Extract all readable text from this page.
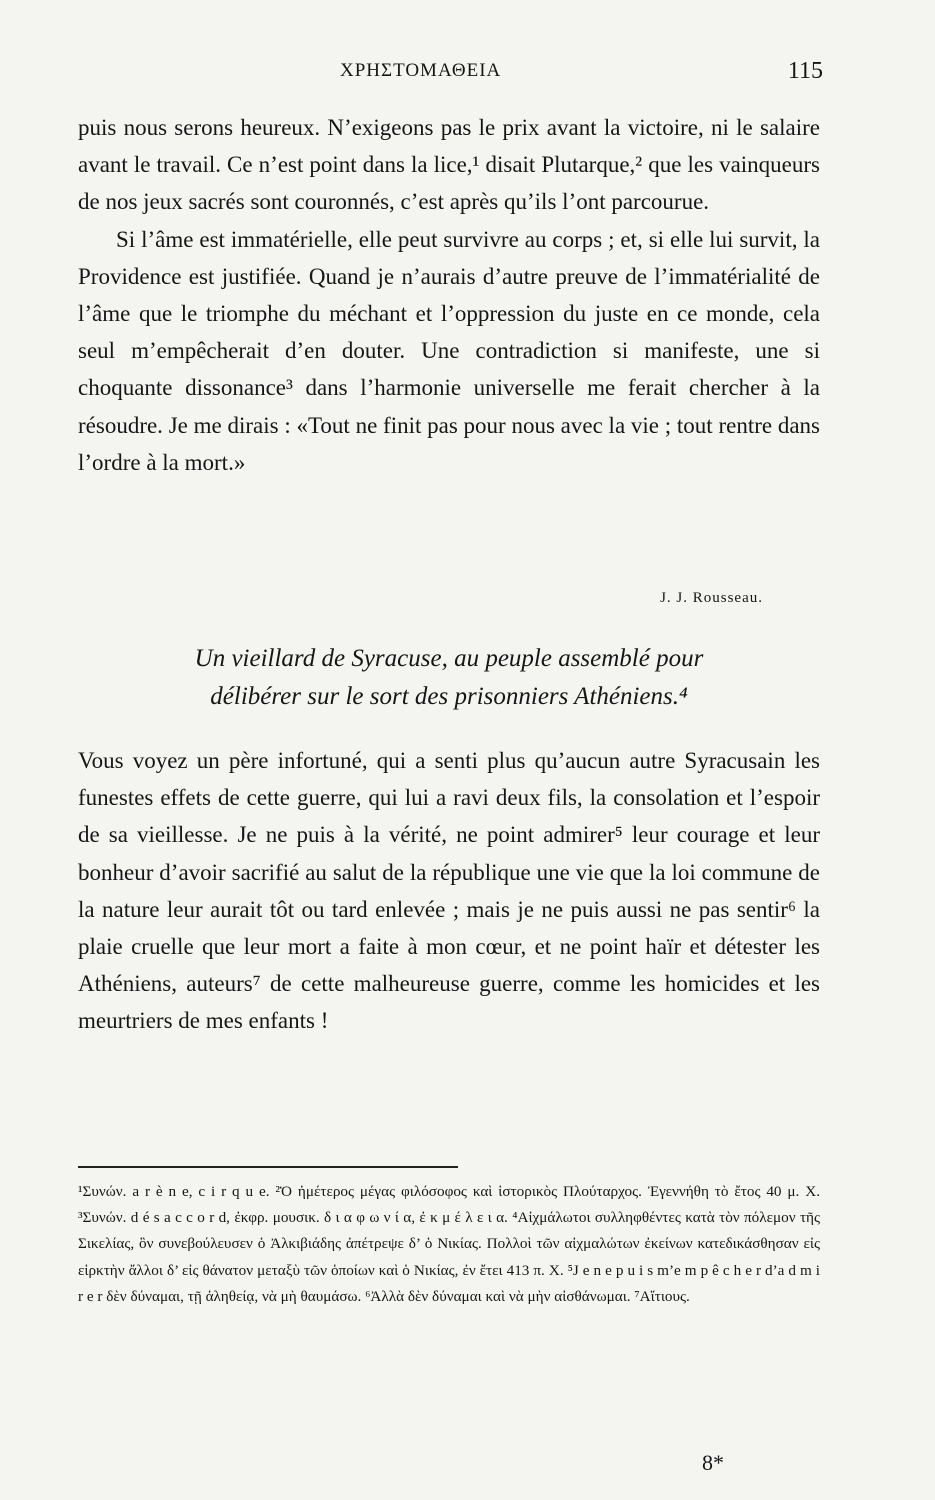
ΧΡΗΣΤΟΜΑΘΕΙΑ	115

puis nous serons heureux. N’exigeons pas le prix avant la victoire, ni le salaire avant le travail. Ce n’est point dans la lice,¹ disait Plutarque,² que les vainqueurs de nos jeux sacrés sont couronnés, c’est après qu’ils l’ont parcourue.

Si l’âme est immatérielle, elle peut survivre au corps ; et, si elle lui survit, la Providence est justifiée. Quand je n’aurais d’autre preuve de l’immatérialité de l’âme que le triomphe du méchant et l’oppression du juste en ce monde, cela seul m’empêcherait d’en douter. Une contradiction si manifeste, une si choquante dissonance³ dans l’harmonie universelle me ferait chercher à la résoudre. Je me dirais : «Tout ne finit pas pour nous avec la vie ; tout rentre dans l’ordre à la mort.»

J. J. Rousseau.
Un vieillard de Syracuse, au peuple assemblé pour
délibérer sur le sort des prisonniers Athéniens.⁴

Vous voyez un père infortuné, qui a senti plus qu’aucun autre Syracusain les funestes effets de cette guerre, qui lui a ravi deux fils, la consolation et l’espoir de sa vieillesse. Je ne puis à la vérité, ne point admirer⁵ leur courage et leur bonheur d’avoir sacrifié au salut de la république une vie que la loi commune de la nature leur aurait tôt ou tard enlevée ; mais je ne puis aussi ne pas sentir⁶ la plaie cruelle que leur mort a faite à mon cœur, et ne point haïr et détester les Athéniens, auteurs⁷ de cette malheureuse guerre, comme les homicides et les meurtriers de mes enfants !

¹Συνών. a r è n e, c i r q u e. ²Ὁ ἡμέτερος μέγας φιλόσοφος καὶ ἱστορικὸς Πλούταρχος. Ἐγεννήθη τὸ ἔτος 40 μ. Χ. ³Συνών. d é s a c c o r d, ἐκφρ. μουσικ. δ ι α φ ω ν ί α, ἐ κ μ έ λ ε ι α. ⁴Αἰχμάλωτοι συλληφθέντες κατὰ τὸν πόλεμον τῆς Σικελίας, ὃν συνεβούλευσεν ὁ Ἀλκιβιάδης ἀπέτρεψε δ’ ὁ Νικίας. Πολλοὶ τῶν αἰχμαλώτων ἐκείνων κατεδικάσθησαν εἰς εἱρκτὴν ἄλλοι δ’ εἰς θάνατον μεταξὺ τῶν ὁποίων καὶ ὁ Νικίας, ἐν ἔτει 413 π. Χ. ⁵J e n e p u i s m’e m p ê c h e r d’a d m i r e r δὲν δύναμαι, τῇ ἀληθείᾳ, νὰ μὴ θαυμάσω. ⁶Ἀλλὰ δὲν δύναμαι καὶ νὰ μὴν αἰσθάνωμαι. ⁷Αἴτιους.

8*
